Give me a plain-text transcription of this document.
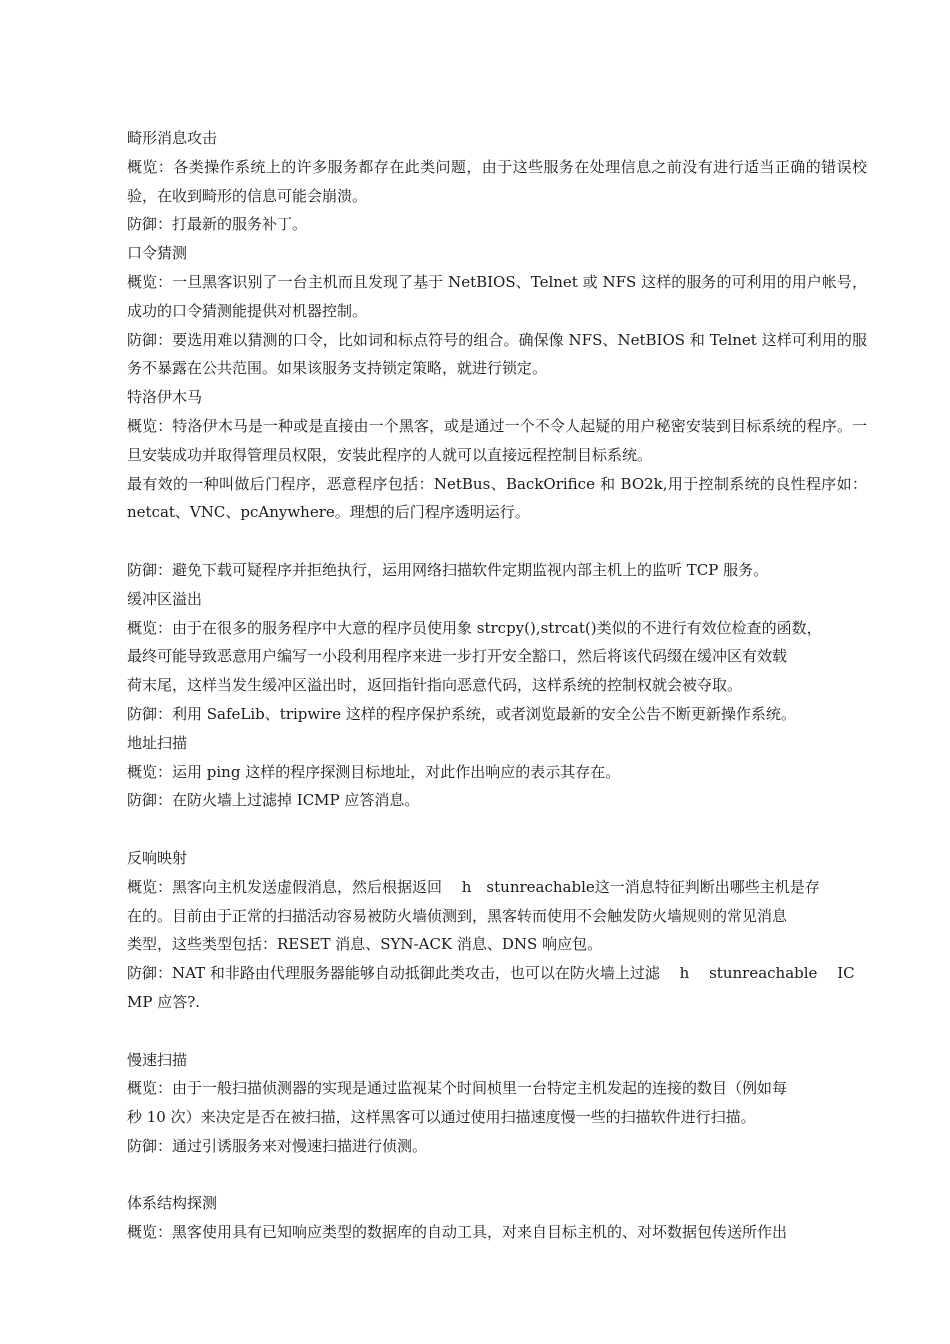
畸形消息攻击
概览：各类操作系统上的许多服务都存在此类问题，由于这些服务在处理信息之前没有进行适当正确的错误校验，在收到畸形的信息可能会崩溃。
防御：打最新的服务补丁。
口令猜测
概览：一旦黑客识别了一台主机而且发现了基于 NetBIOS、Telnet 或 NFS 这样的服务的可利用的用户帐号，成功的口令猜测能提供对机器控制。
防御：要选用难以猜测的口令，比如词和标点符号的组合。确保像 NFS、NetBIOS 和 Telnet 这样可利用的服务不暴露在公共范围。如果该服务支持锁定策略，就进行锁定。
特洛伊木马
概览：特洛伊木马是一种或是直接由一个黑客，或是通过一个不令人起疑的用户秘密安装到目标系统的程序。一旦安装成功并取得管理员权限，安装此程序的人就可以直接远程控制目标系统。
最有效的一种叫做后门程序，恶意程序包括：NetBus、BackOrifice 和 BO2k,用于控制系统的良性程序如：netcat、VNC、pcAnywhere。理想的后门程序透明运行。
防御：避免下载可疑程序并拒绝执行，运用网络扫描软件定期监视内部主机上的监听 TCP 服务。
缓冲区溢出
概览：由于在很多的服务程序中大意的程序员使用象 strcpy(),strcat()类似的不进行有效位检查的函数，
最终可能导致恶意用户编写一小段利用程序来进一步打开安全豁口，然后将该代码缀在缓冲区有效载
荷末尾，这样当发生缓冲区溢出时，返回指针指向恶意代码，这样系统的控制权就会被夺取。
防御：利用 SafeLib、tripwire 这样的程序保护系统，或者浏览最新的安全公告不断更新操作系统。
地址扫描
概览：运用 ping 这样的程序探测目标地址，对此作出响应的表示其存在。
防御：在防火墙上过滤掉 ICMP 应答消息。
反响映射
概览：黑客向主机发送虚假消息，然后根据返回　 h　stunreachable这一消息特征判断出哪些主机是存
在的。目前由于正常的扫描活动容易被防火墙侦测到，黑客转而使用不会触发防火墙规则的常见消息
类型，这些类型包括：RESET 消息、SYN-ACK 消息、DNS 响应包。
防御：NAT 和非路由代理服务器能够自动抵御此类攻击，也可以在防火墙上过滤　 h　 stunreachable　 IC
MP 应答?.
慢速扫描
概览：由于一般扫描侦测器的实现是通过监视某个时间桢里一台特定主机发起的连接的数目（例如每
秒 10 次）来决定是否在被扫描，这样黑客可以通过使用扫描速度慢一些的扫描软件进行扫描。
防御：通过引诱服务来对慢速扫描进行侦测。
体系结构探测
概览：黑客使用具有已知响应类型的数据库的自动工具，对来自目标主机的、对坏数据包传送所作出
